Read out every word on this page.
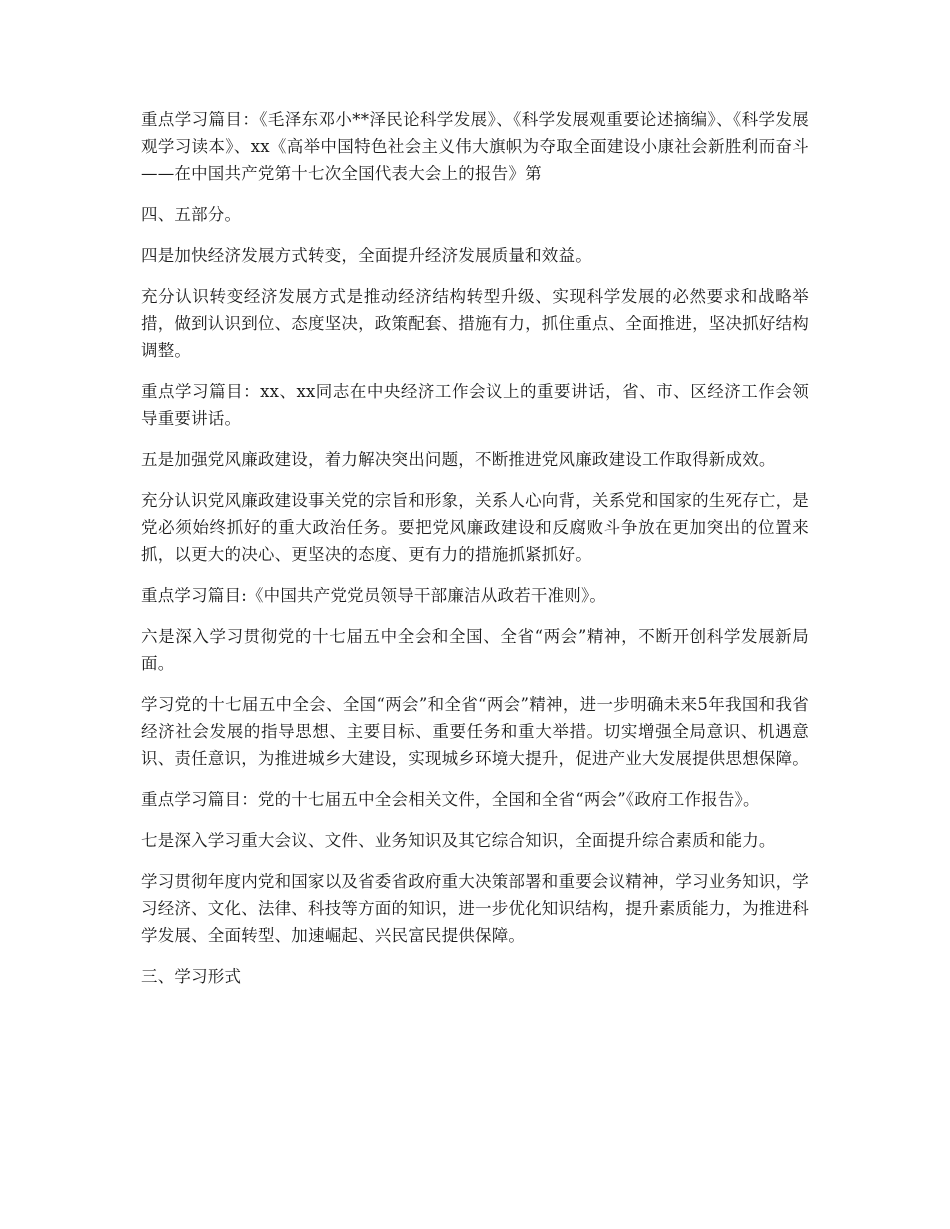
重点学习篇目：《毛泽东邓小**泽民论科学发展》、《科学发展观重要论述摘编》、《科学发展观学习读本》、xx《高举中国特色社会主义伟大旗帜为夺取全面建设小康社会新胜利而奋斗——在中国共产党第十七次全国代表大会上的报告》第

四、五部分。

四是加快经济发展方式转变，全面提升经济发展质量和效益。

充分认识转变经济发展方式是推动经济结构转型升级、实现科学发展的必然要求和战略举措，做到认识到位、态度坚决，政策配套、措施有力，抓住重点、全面推进，坚决抓好结构调整。

重点学习篇目：xx、xx同志在中央经济工作会议上的重要讲话，省、市、区经济工作会领导重要讲话。

五是加强党风廉政建设，着力解决突出问题，不断推进党风廉政建设工作取得新成效。

充分认识党风廉政建设事关党的宗旨和形象，关系人心向背，关系党和国家的生死存亡，是党必须始终抓好的重大政治任务。要把党风廉政建设和反腐败斗争放在更加突出的位置来抓，以更大的决心、更坚决的态度、更有力的措施抓紧抓好。

重点学习篇目:《中国共产党党员领导干部廉洁从政若干准则》。

六是深入学习贯彻党的十七届五中全会和全国、全省“两会”精神，不断开创科学发展新局面。

学习党的十七届五中全会、全国“两会”和全省“两会”精神，进一步明确未来5年我国和我省经济社会发展的指导思想、主要目标、重要任务和重大举措。切实增强全局意识、机遇意识、责任意识，为推进城乡大建设，实现城乡环境大提升，促进产业大发展提供思想保障。

重点学习篇目：党的十七届五中全会相关文件，全国和全省“两会”《政府工作报告》。

七是深入学习重大会议、文件、业务知识及其它综合知识，全面提升综合素质和能力。

学习贯彻年度内党和国家以及省委省政府重大决策部署和重要会议精神，学习业务知识，学习经济、文化、法律、科技等方面的知识，进一步优化知识结构，提升素质能力，为推进科学发展、全面转型、加速崛起、兴民富民提供保障。

三、学习形式
